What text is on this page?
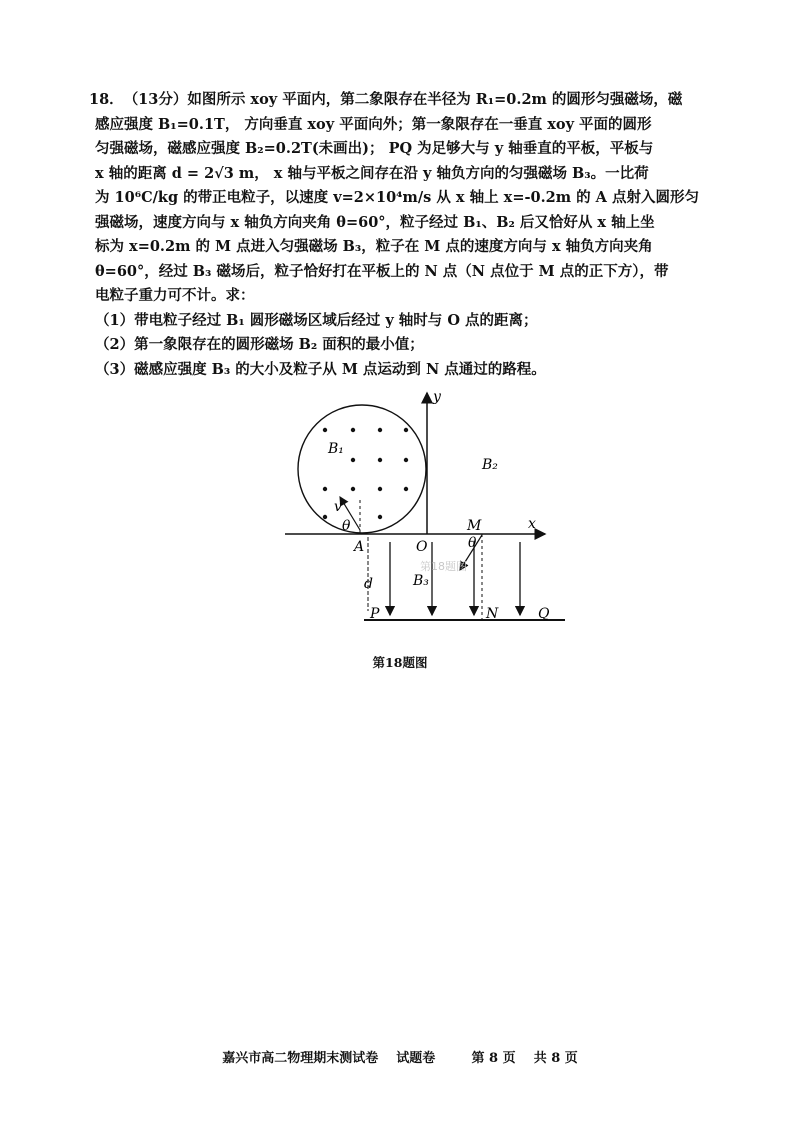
18．（13分）如图所示 xoy 平面内，第二象限存在半径为 R₁=0.2m 的圆形匀强磁场，磁

感应强度 B₁=0.1T， 方向垂直 xoy 平面向外；第一象限存在一垂直 xoy 平面的圆形

匀强磁场，磁感应强度 B₂=0.2T(未画出)； PQ 为足够大与 y 轴垂直的平板，平板与

x 轴的距离 d = 2√3 m， x 轴与平板之间存在沿 y 轴负方向的匀强磁场 B₃。一比荷

为 10⁶C/kg 的带正电粒子，以速度 v=2×10⁴m/s 从 x 轴上 x=-0.2m 的 A 点射入圆形匀

强磁场，速度方向与 x 轴负方向夹角 θ=60°，粒子经过 B₁、B₂ 后又恰好从 x 轴上坐

标为 x=0.2m 的 M 点进入匀强磁场 B₃，粒子在 M 点的速度方向与 x 轴负方向夹角

θ=60°，经过 B₃ 磁场后，粒子恰好打在平板上的 N 点（N 点位于 M 点的正下方），带

电粒子重力可不计。求：

（1）带电粒子经过 B₁ 圆形磁场区域后经过 y 轴时与 O 点的距离；

（2）第一象限存在的圆形磁场 B₂ 面积的最小值；

（3）磁感应强度 B₃ 的大小及粒子从 M 点运动到 N 点通过的路程。

y
x
B₁
B₂
B₃
O
A
M
d
P	N	Q
θ
θ
v
第18题图
第18题图
嘉兴市高二物理期末测试卷    试题卷        第 8 页    共 8 页
